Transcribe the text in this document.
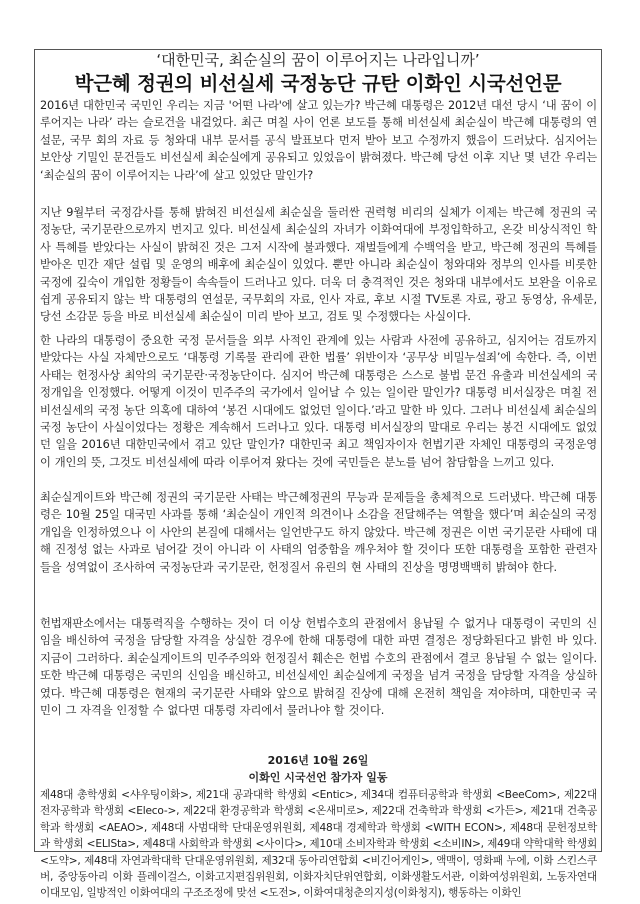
‘대한민국, 최순실의 꿈이 이루어지는 나라입니까’
박근혜 정권의 비선실세 국정농단 규탄 이화인 시국선언문

2016년 대한민국 국민인 우리는 지금 '어떤 나라'에 살고 있는가? 박근혜 대통령은 2012년 대선 당시 ‘내 꿈이 이루어지는 나라’ 라는 슬로건을 내걸었다. 최근 며칠 사이 언론 보도를 통해 비선실세 최순실이 박근혜 대통령의 연설문, 국무 회의 자료 등 청와대 내부 문서를 공식 발표보다 먼저 받아 보고 수정까지 했음이 드러났다. 심지어는 보안상 기밀인 문건들도 비선실세 최순실에게 공유되고 있었음이 밝혀졌다. 박근혜 당선 이후 지난 몇 년간 우리는 ‘최순실의 꿈이 이루어지는 나라’에 살고 있었단 말인가?

지난 9월부터 국정감사를 통해 밝혀진 비선실세 최순실을 둘러싼 권력형 비리의 실체가 이제는 박근혜 정권의 국정농단, 국기문란으로까지 번지고 있다. 비선실세 최순실의 자녀가 이화여대에 부정입학하고, 온갖 비상식적인 학사 특혜를 받았다는 사실이 밝혀진 것은 그저 시작에 불과했다. 재벌들에게 수백억을 받고, 박근혜 정권의 특혜를 받아온 민간 재단 설립 및 운영의 배후에 최순실이 있었다. 뿐만 아니라 최순실이 청와대와 정부의 인사를 비롯한 국정에 깊숙이 개입한 정황들이 속속들이 드러나고 있다. 더욱 더 충격적인 것은 청와대 내부에서도 보완을 이유로 쉽게 공유되지 않는 박 대통령의 연설문, 국무회의 자료, 인사 자료, 후보 시절 TV토론 자료, 광고 동영상, 유세문, 당선 소감문 등을 바로 비선실세 최순실이 미리 받아 보고, 검토 및 수정했다는 사실이다.

한 나라의 대통령이 중요한 국정 문서들을 외부 사적인 관계에 있는 사람과 사전에 공유하고, 심지어는 검토까지 받았다는 사실 자체만으로도 ‘대통령 기록물 관리에 관한 법률’ 위반이자 ‘공무상 비밀누설죄’에 속한다. 즉, 이번 사태는 헌정사상 최악의 국기문란·국정농단이다. 심지어 박근혜 대통령은 스스로 불법 문건 유출과 비선실세의 국정개입을 인정했다. 어떻게 이것이 민주주의 국가에서 일어날 수 있는 일이란 말인가? 대통령 비서실장은 며칠 전 비선실세의 국정 농단 의혹에 대하여 ‘봉건 시대에도 없었던 일이다.’라고 말한 바 있다. 그러나 비선실세 최순실의 국정 농단이 사실이었다는 정황은 계속해서 드러나고 있다. 대통령 비서실장의 말대로 우리는 봉건 시대에도 없었던 일을 2016년 대한민국에서 겪고 있단 말인가? 대한민국 최고 책임자이자 헌법기관 자체인 대통령의 국정운영이 개인의 뜻, 그것도 비선실세에 따라 이루어져 왔다는 것에 국민들은 분노를 넘어 참담함을 느끼고 있다.

최순실게이트와 박근혜 정권의 국기문란 사태는 박근혜정권의 무능과 문제들을 총체적으로 드러냈다. 박근혜 대통령은 10월 25일 대국민 사과를 통해 ‘최순실이 개인적 의견이나 소감을 전달해주는 역할을 했다’며 최순실의 국정 개입을 인정하였으나 이 사안의 본질에 대해서는 일언반구도 하지 않았다. 박근혜 정권은 이번 국기문란 사태에 대해 진정성 없는 사과로 넘어갈 것이 아니라 이 사태의 엄중함을 깨우쳐야 할 것이다 또한 대통령을 포함한 관련자들을 성역없이 조사하여 국정농단과 국기문란, 헌정질서 유린의 현 사태의 진상을 명명백백히 밝혀야 한다.

헌법재판소에서는 대통력직을 수행하는 것이 더 이상 헌법수호의 관점에서 용납될 수 없거나 대통령이 국민의 신임을 배신하여 국정을 담당할 자격을 상실한 경우에 한해 대통령에 대한 파면 결정은 정당화된다고 밝힌 바 있다. 지금이 그러하다. 최순실게이트의 민주주의와 헌정질서 훼손은 헌법 수호의 관점에서 결코 용납될 수 없는 일이다. 또한 박근혜 대통령은 국민의 신임을 배신하고, 비선실세인 최순실에게 국정을 넘겨 국정을 담당할 자격을 상실하였다. 박근혜 대통령은 현재의 국기문란 사태와 앞으로 밝혀질 진상에 대해 온전히 책임을 져야하며, 대한민국 국민이 그 자격을 인정할 수 없다면 대통령 자리에서 물러나야 할 것이다.

2016년 10월 26일
이화인 시국선언 참가자 일동

제48대 총학생회 <샤우팅이화>, 제21대 공과대학 학생회 <Entic>, 제34대 컴퓨터공학과 학생회 <BeeCom>, 제22대 전자공학과 학생회 <Eleco->, 제22대 환경공학과 학생회 <온새미로>, 제22대 건축학과 학생회 <가든>, 제21대 건축공학과 학생회 <AEAO>, 제48대 사범대학 단대운영위원회, 제48대 경제학과 학생회 <WITH ECON>, 제48대 문헌정보학과 학생회 <ELISta>, 제48대 사회학과 학생회 <사이다>, 제10대 소비자학과 학생회 <소비IN>, 제49대 약학대학 학생회 <도약>, 제48대 자연과학대학 단대운영위원회, 제32대 동아리연합회 <비긴어게인>, 액맥이, 영화패 누에, 이화 스킨스쿠버, 중앙동아리 이화 플레이걸스, 이화고지편집위원회, 이화자치단위연합회, 이화생활도서관, 이화여성위원회, 노동자연대 이대모임, 일방적인 이화여대의 구조조정에 맞선 <도전>, 이화여대청춘의지성(이화청지), 행동하는 이화인
